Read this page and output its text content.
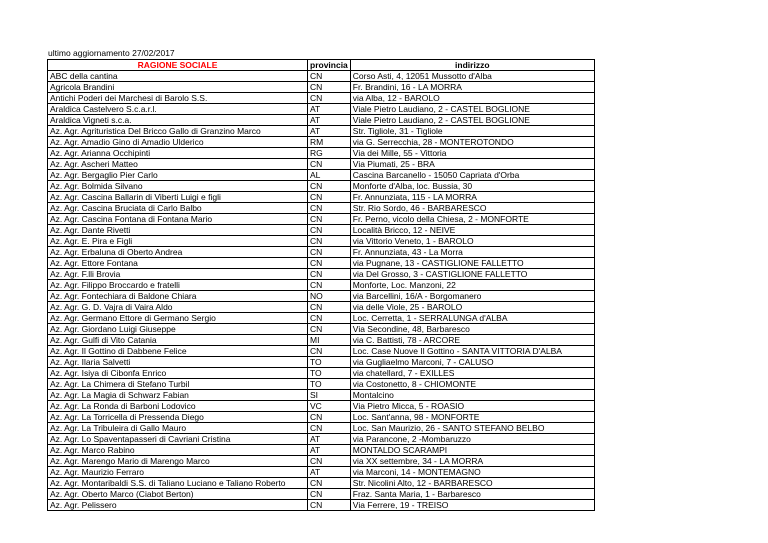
ultimo aggiornamento 27/02/2017
RAGIONE SOCIALE	provincia	indirizzo
ABC della cantina	CN	Corso Asti, 4, 12051 Mussotto d'Alba
Agricola Brandini	CN	Fr. Brandini, 16 - LA MORRA
Antichi Poderi dei Marchesi di Barolo S.S.	CN	via Alba, 12 - BAROLO
Araldica Castelvero S.c.a.r.l.	AT	Viale Pietro Laudiano, 2 - CASTEL BOGLIONE
Araldica Vigneti s.c.a.	AT	Viale Pietro Laudiano, 2 - CASTEL BOGLIONE
Az. Agr. Agrituristica Del Bricco Gallo di Granzino Marco	AT	Str. Tiglіole, 31 - Tigliole
Az. Agr. Amadio Gino di Amadio Ulderico	RM	via G. Serrecchia, 28 - MONTEROTONDO
Az. Agr. Arianna Occhipinti	RG	Via dei Mille, 55 - Vittoria
Az. Agr. Ascheri Matteo	CN	Via Piumati, 25 - BRA
Az. Agr. Bergaglio Pier Carlo	AL	Cascina Barcanello - 15050 Capriata d'Orba
Az. Agr. Bolmida Silvano	CN	Monforte d'Alba, loc. Bussia, 30
Az. Agr. Cascina Ballarin di Viberti Luigi e figli	CN	Fr. Annunziata, 115 - LA MORRA
Az. Agr. Cascina Bruciata di Carlo Balbo	CN	Str. Rio Sordo, 46 - BARBARESCO
Az. Agr. Cascina Fontana di Fontana Mario	CN	Fr. Perno, vicolo della Chiesa, 2 - MONFORTE
Az. Agr. Dante Rivetti	CN	Località Bricco, 12 - NEIVE
Az. Agr. E. Pira e Figli	CN	via Vittorio Veneto, 1 - BAROLO
Az. Agr. Erbaluna di Oberto Andrea	CN	Fr. Annunziata, 43 - La Morra
Az. Agr. Ettore Fontana	CN	via Pugnane, 13 - CASTIGLIONE FALLETTO
Az. Agr. F.lli Brovia	CN	via Del Grosso, 3 - CASTIGLIONE FALLETTO
Az. Agr. Filippo Broccardo e fratelli	CN	Monforte, Loc. Manzoni, 22
Az. Agr. Fontechiara di Baldone Chiara	NO	via Barcellini, 16/A - Borgomanero
Az. Agr. G. D. Vajra di Vaira Aldo	CN	via delle Viole, 25 - BAROLO
Az. Agr. Germano Ettore di Germano Sergio	CN	Loc. Cerretta, 1 - SERRALUNGA d'ALBA
Az. Agr. Giordano Luigi Giuseppe	CN	Via Secondine, 48, Barbaresco
Az. Agr. Gulfi di Vito Catania	MI	via C. Battisti, 78 - ARCORE
Az. Agr. Il Gottino di Dabbene Felice	CN	Loc. Case Nuove Il Gottino - SANTA VITTORIA D'ALBA
Az. Agr. Ilaria Salvetti	TO	via Gugliaelmo Marconi, 7 - CALUSO
Az. Agr. Isiya di Cibonfa Enrico	TO	via chatellard, 7 - EXILLES
Az. Agr. La Chimera di Stefano Turbil	TO	via Costonetto, 8 - CHIOMONTE
Az. Agr. La Magia di Schwarz Fabian	SI	Montalcino
Az. Agr. La Ronda di Barboni Lodovico	VC	Via Pietro Micca, 5 - ROASIO
Az. Agr. La Torricella di Pressenda Diego	CN	Loc. Sant'anna, 98 - MONFORTE
Az. Agr. La Tribuleira di Gallo Mauro	CN	Loc. San Maurizio, 26 - SANTO STEFANO BELBO
Az. Agr. Lo Spaventapasseri di Cavriani Cristina	AT	via Parancone, 2 -Mombaruzzo
Az. Agr. Marco Rabino	AT	MONTALDO SCARAMPI
Az. Agr. Marengo Mario di Marengo Marco	CN	via XX settembre, 34 - LA MORRA
Az. Agr. Maurizio Ferraro	AT	via Marconi, 14 - MONTEMAGNO
Az. Agr. Montaribaldi S.S. di Taliano Luciano e Taliano Roberto	CN	Str. Nicolini Alto, 12 - BARBARESCO
Az. Agr. Oberto Marco (Ciabot Berton)	CN	Fraz. Santa Maria, 1 - Barbaresco
Az. Agr. Pelissero	CN	Via Ferrere, 19 - TREISO
